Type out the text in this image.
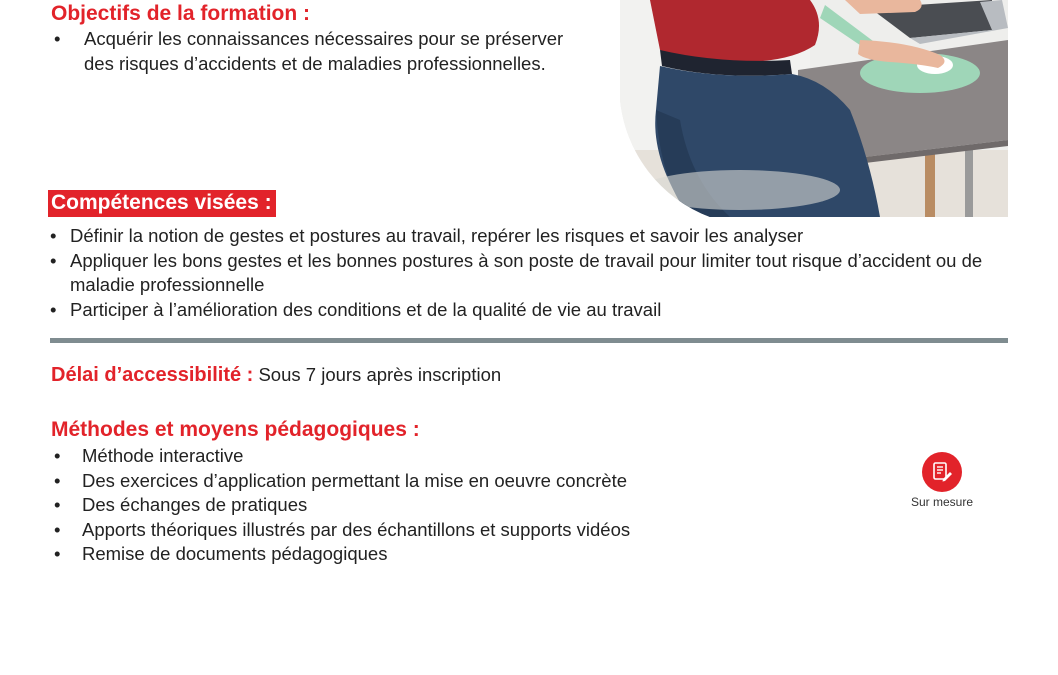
Objectifs de la formation :
• Acquérir les connaissances nécessaires pour se préserver des risques d’accidents et de maladies professionnelles.
Compétences visées :
• Définir la notion de gestes et postures au travail, repérer les risques et savoir les analyser
• Appliquer les bons gestes et les bonnes postures à son poste de travail pour limiter tout risque d’accident ou de maladie professionnelle
• Participer à l’amélioration des conditions et de la qualité de vie au travail
Délai d’accessibilité : Sous 7 jours après inscription
Méthodes et moyens pédagogiques :
• Méthode interactive
• Des exercices d’application permettant la mise en oeuvre concrète
• Des échanges de pratiques
• Apports théoriques illustrés par des échantillons et supports vidéos
• Remise de documents pédagogiques
Sur mesure
